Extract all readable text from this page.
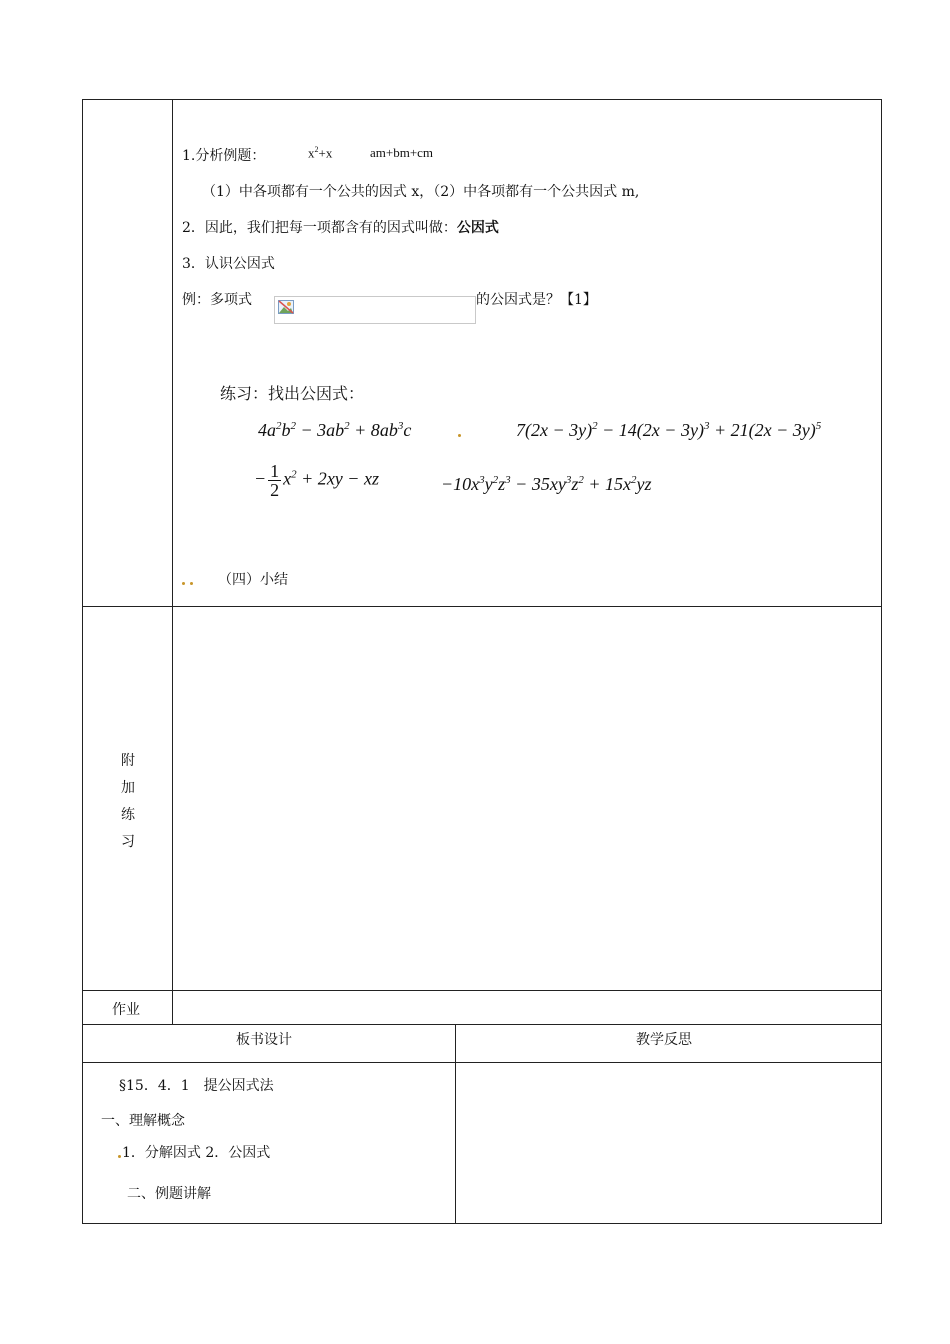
1.分析例题：	$x^2+x$	am+bm+cm
（1）中各项都有一个公共的因式 x，（2）中各项都有一个公共因式 m,
2．因此，我们把每一项都含有的因式叫做：公因式
3．认识公因式
例：多项式	的公因式是？【1】
练习：找出公因式：
$4a^2b^2 - 3ab^2 + 8ab^3c$	$7(2x - 3y)^2 - 14(2x - 3y)^3 + 21(2x - 3y)^5$
− $\frac{1}{2} x^2 + 2xy$ − xz	$-10x^3y^2z^3 - 35xy^3z^2 + 15x^2yz$
（四）小结
附
加
练
习
作业
板书设计	教学反思
§15．4．1　提公因式法
一、理解概念
1．分解因式 2．公因式
二、例题讲解
